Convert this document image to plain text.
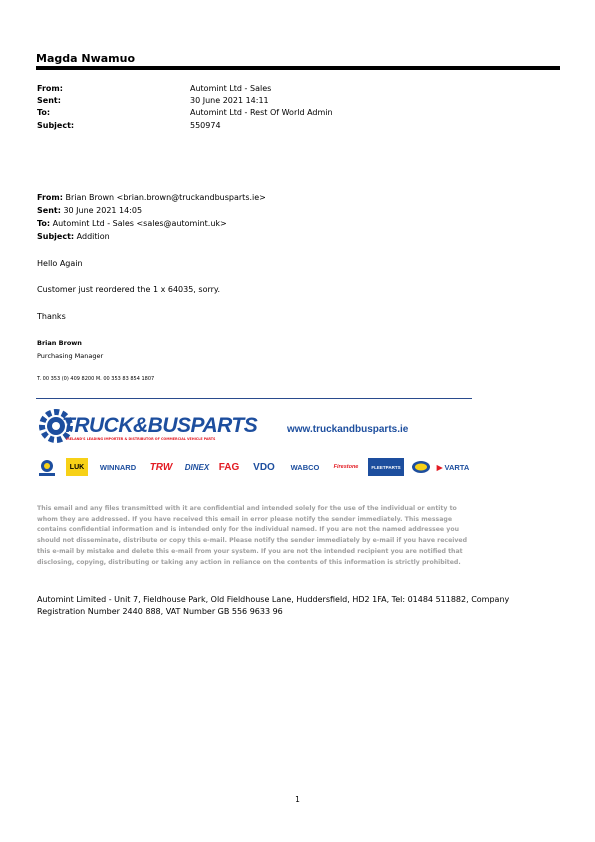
Magda Nwamuo
From:	Automint Ltd - Sales
Sent:	30 June 2021 14:11
To:	Automint Ltd - Rest Of World Admin
Subject:	550974
From: Brian Brown <brian.brown@truckandbusparts.ie>
Sent: 30 June 2021 14:05
To: Automint Ltd - Sales <sales@automint.uk>
Subject: Addition
Hello Again
Customer just reordered the 1 x 64035, sorry.
Thanks
Brian Brown
Purchasing Manager
T. 00 353 (0) 409 8200 M. 00 353 83 854 1807
TRUCK&BUSPARTS
IRELAND'S LEADING IMPORTER & DISTRIBUTOR OF COMMERCIAL VEHICLE PARTS
www.truckandbusparts.ie
LUK	WINNARD	TRW	DINEX FAG	VDO	WABCO	Firestone	FLEETPARTS	▶ VARTA
This email and any files transmitted with it are confidential and intended solely for the use of the individual or entity to whom they are addressed. If you have received this email in error please notify the sender immediately. This message contains confidential information and is intended only for the individual named. If you are not the named addressee you should not disseminate, distribute or copy this e-mail. Please notify the sender immediately by e-mail if you have received this e-mail by mistake and delete this e-mail from your system. If you are not the intended recipient you are notified that disclosing, copying, distributing or taking any action in reliance on the contents of this information is strictly prohibited.
Automint Limited - Unit 7, Fieldhouse Park, Old Fieldhouse Lane, Huddersfield, HD2 1FA, Tel: 01484 511882, Company Registration Number 2440 888, VAT Number GB 556 9633 96
1
